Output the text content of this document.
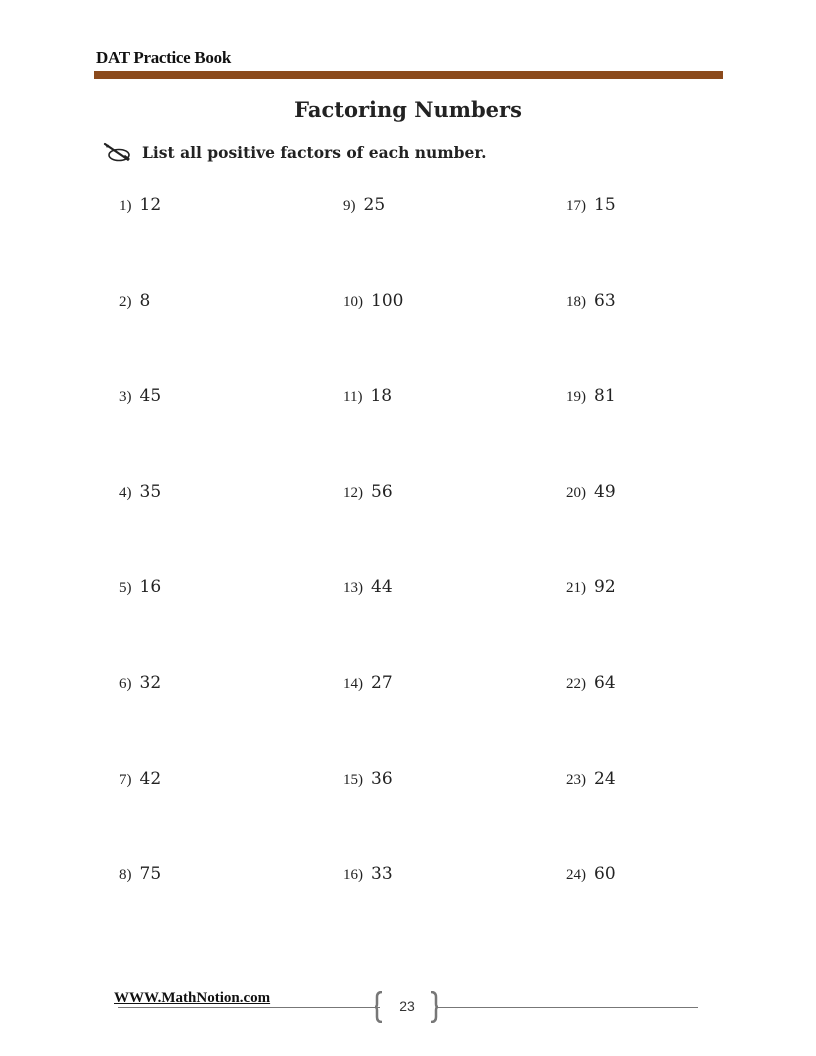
DAT Practice Book
Factoring Numbers
List all positive factors of each number.
1) 12
2) 8
3) 45
4) 35
5) 16
6) 32
7) 42
8) 75
9) 25
10) 100
11) 18
12) 56
13) 44
14) 27
15) 36
16) 33
17) 15
18) 63
19) 81
20) 49
21) 92
22) 64
23) 24
24) 60
WWW.MathNotion.com	23
